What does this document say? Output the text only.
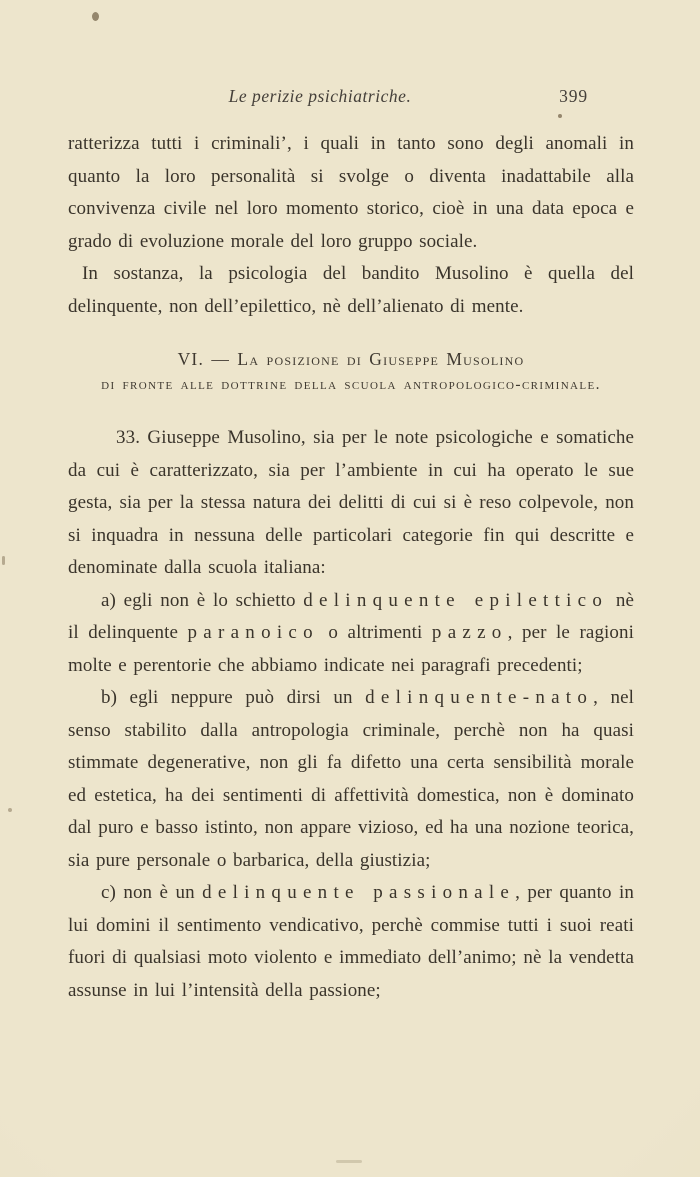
Le perizie psichiatriche.	399

ratterizza tutti i criminali’, i quali in tanto sono degli anomali in quanto la loro personalità si svolge o diventa inadattabile alla convivenza civile nel loro momento storico, cioè in una data epoca e grado di evoluzione morale del loro gruppo sociale.

In sostanza, la psicologia del bandito Musolino è quella del delinquente, non dell’epilettico, nè dell’alienato di mente.

VI. — La posizione di Giuseppe Musolino
di fronte alle dottrine della scuola antropologico-criminale.

33. Giuseppe Musolino, sia per le note psicologiche e somatiche da cui è caratterizzato, sia per l’ambiente in cui ha operato le sue gesta, sia per la stessa natura dei delitti di cui si è reso colpevole, non si inquadra in nessuna delle particolari categorie fin qui descritte e denominate dalla scuola italiana:

a) egli non è lo schietto delinquente epilettico nè il delinquente paranoico o altrimenti pazzo, per le ragioni molte e perentorie che abbiamo indicate nei paragrafi precedenti;

b) egli neppure può dirsi un delinquente-nato, nel senso stabilito dalla antropologia criminale, perchè non ha quasi stimmate degenerative, non gli fa difetto una certa sensibilità morale ed estetica, ha dei sentimenti di affettività domestica, non è dominato dal puro e basso istinto, non appare vizioso, ed ha una nozione teorica, sia pure personale o barbarica, della giustizia;

c) non è un delinquente passionale, per quanto in lui domini il sentimento vendicativo, perchè commise tutti i suoi reati fuori di qualsiasi moto violento e immediato dell’animo; nè la vendetta assunse in lui l’intensità della passione;
